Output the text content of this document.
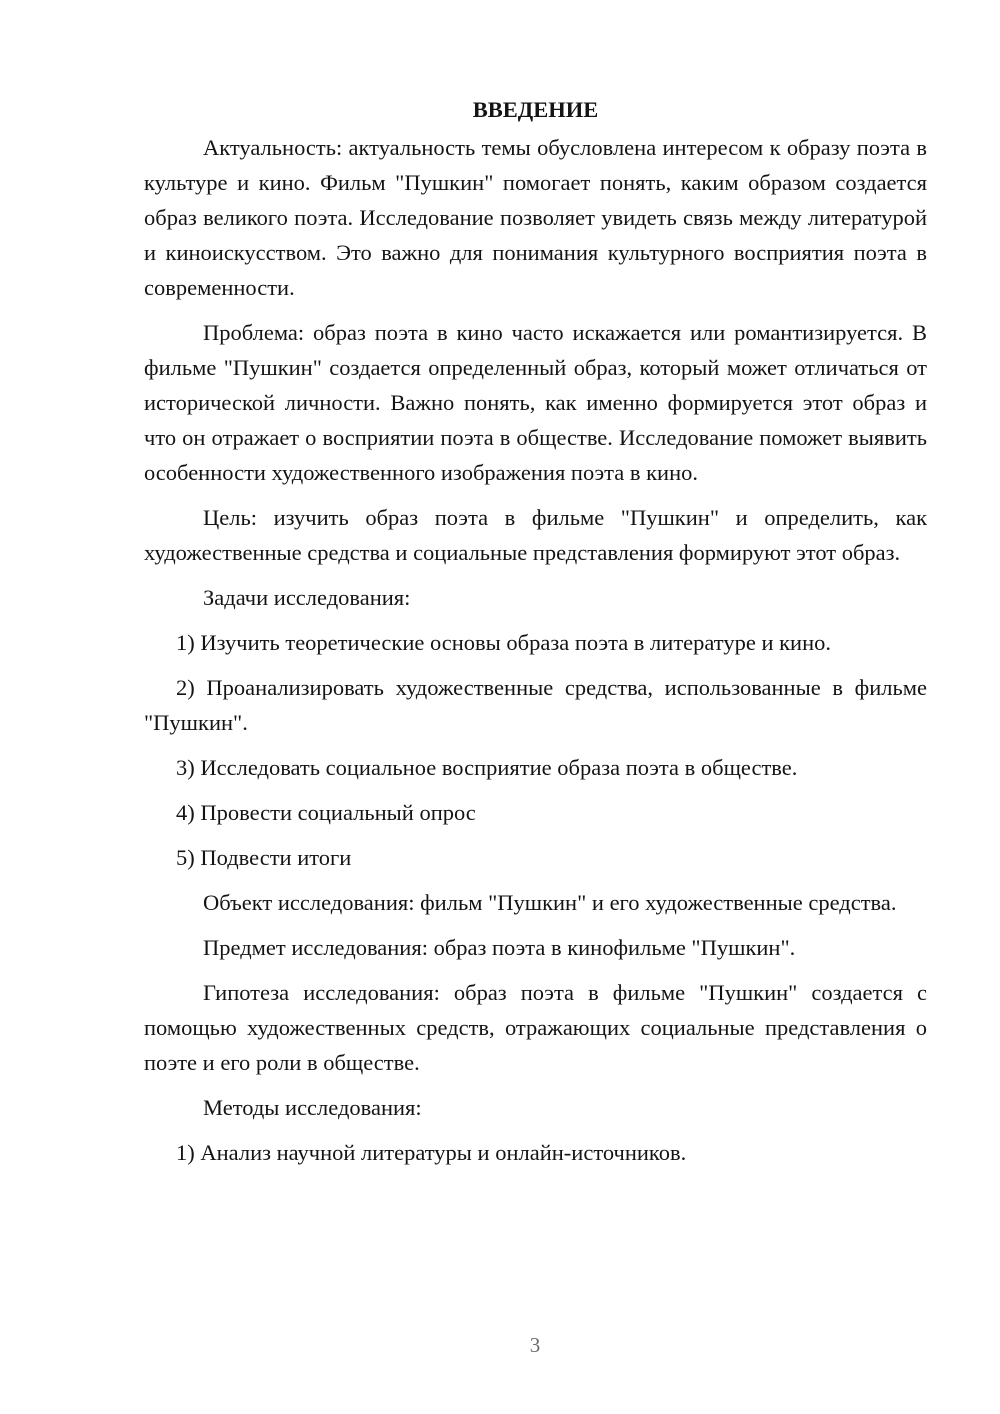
ВВЕДЕНИЕ

Актуальность: актуальность темы обусловлена интересом к образу поэта в культуре и кино. Фильм "Пушкин" помогает понять, каким образом создается образ великого поэта. Исследование позволяет увидеть связь между литературой и киноискусством. Это важно для понимания культурного восприятия поэта в современности.

Проблема: образ поэта в кино часто искажается или романтизируется. В фильме "Пушкин" создается определенный образ, который может отличаться от исторической личности. Важно понять, как именно формируется этот образ и что он отражает о восприятии поэта в обществе. Исследование поможет выявить особенности художественного изображения поэта в кино.

Цель: изучить образ поэта в фильме "Пушкин" и определить, как художественные средства и социальные представления формируют этот образ.

Задачи исследования:

1) Изучить теоретические основы образа поэта в литературе и кино.

2) Проанализировать художественные средства, использованные в фильме "Пушкин".

3) Исследовать социальное восприятие образа поэта в обществе.

4) Провести социальный опрос

5) Подвести итоги

Объект исследования: фильм "Пушкин" и его художественные средства.

Предмет исследования: образ поэта в кинофильме "Пушкин".

Гипотеза исследования: образ поэта в фильме "Пушкин" создается с помощью художественных средств, отражающих социальные представления о поэте и его роли в обществе.

Методы исследования:

1) Анализ научной литературы и онлайн-источников.

3
